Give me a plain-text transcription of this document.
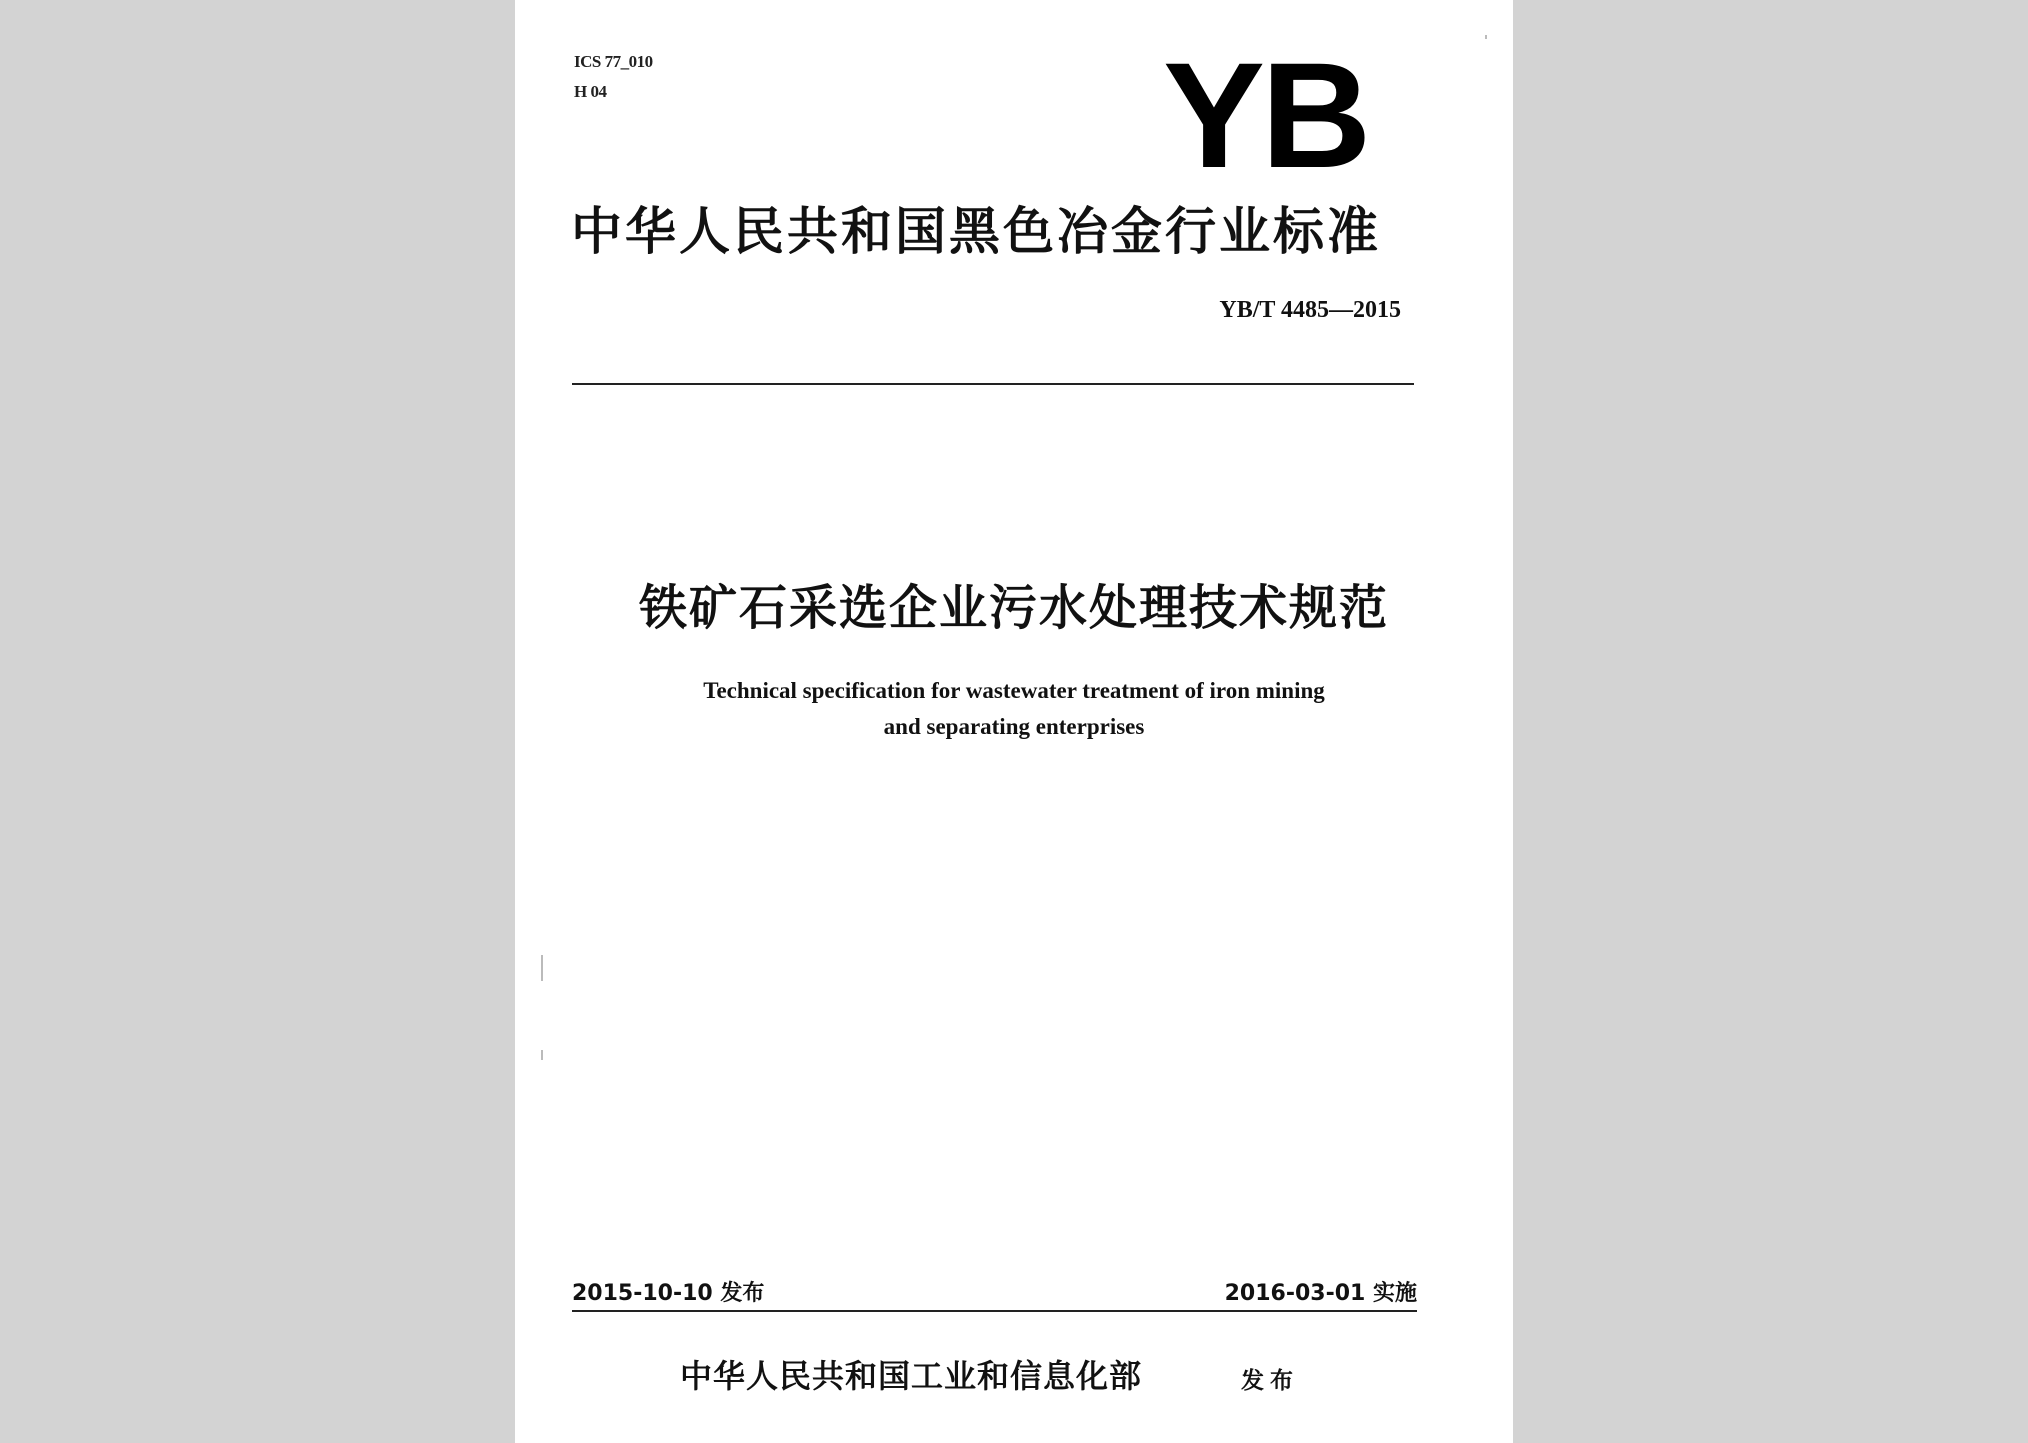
ICS 77_010
H 04	YB
中华人民共和国黑色冶金行业标准
YB/T 4485—2015
铁矿石采选企业污水处理技术规范
Technical specification for wastewater treatment of iron mining
and separating enterprises
2015-10-10 发布	2016-03-01 实施
中华人民共和国工业和信息化部	发布
